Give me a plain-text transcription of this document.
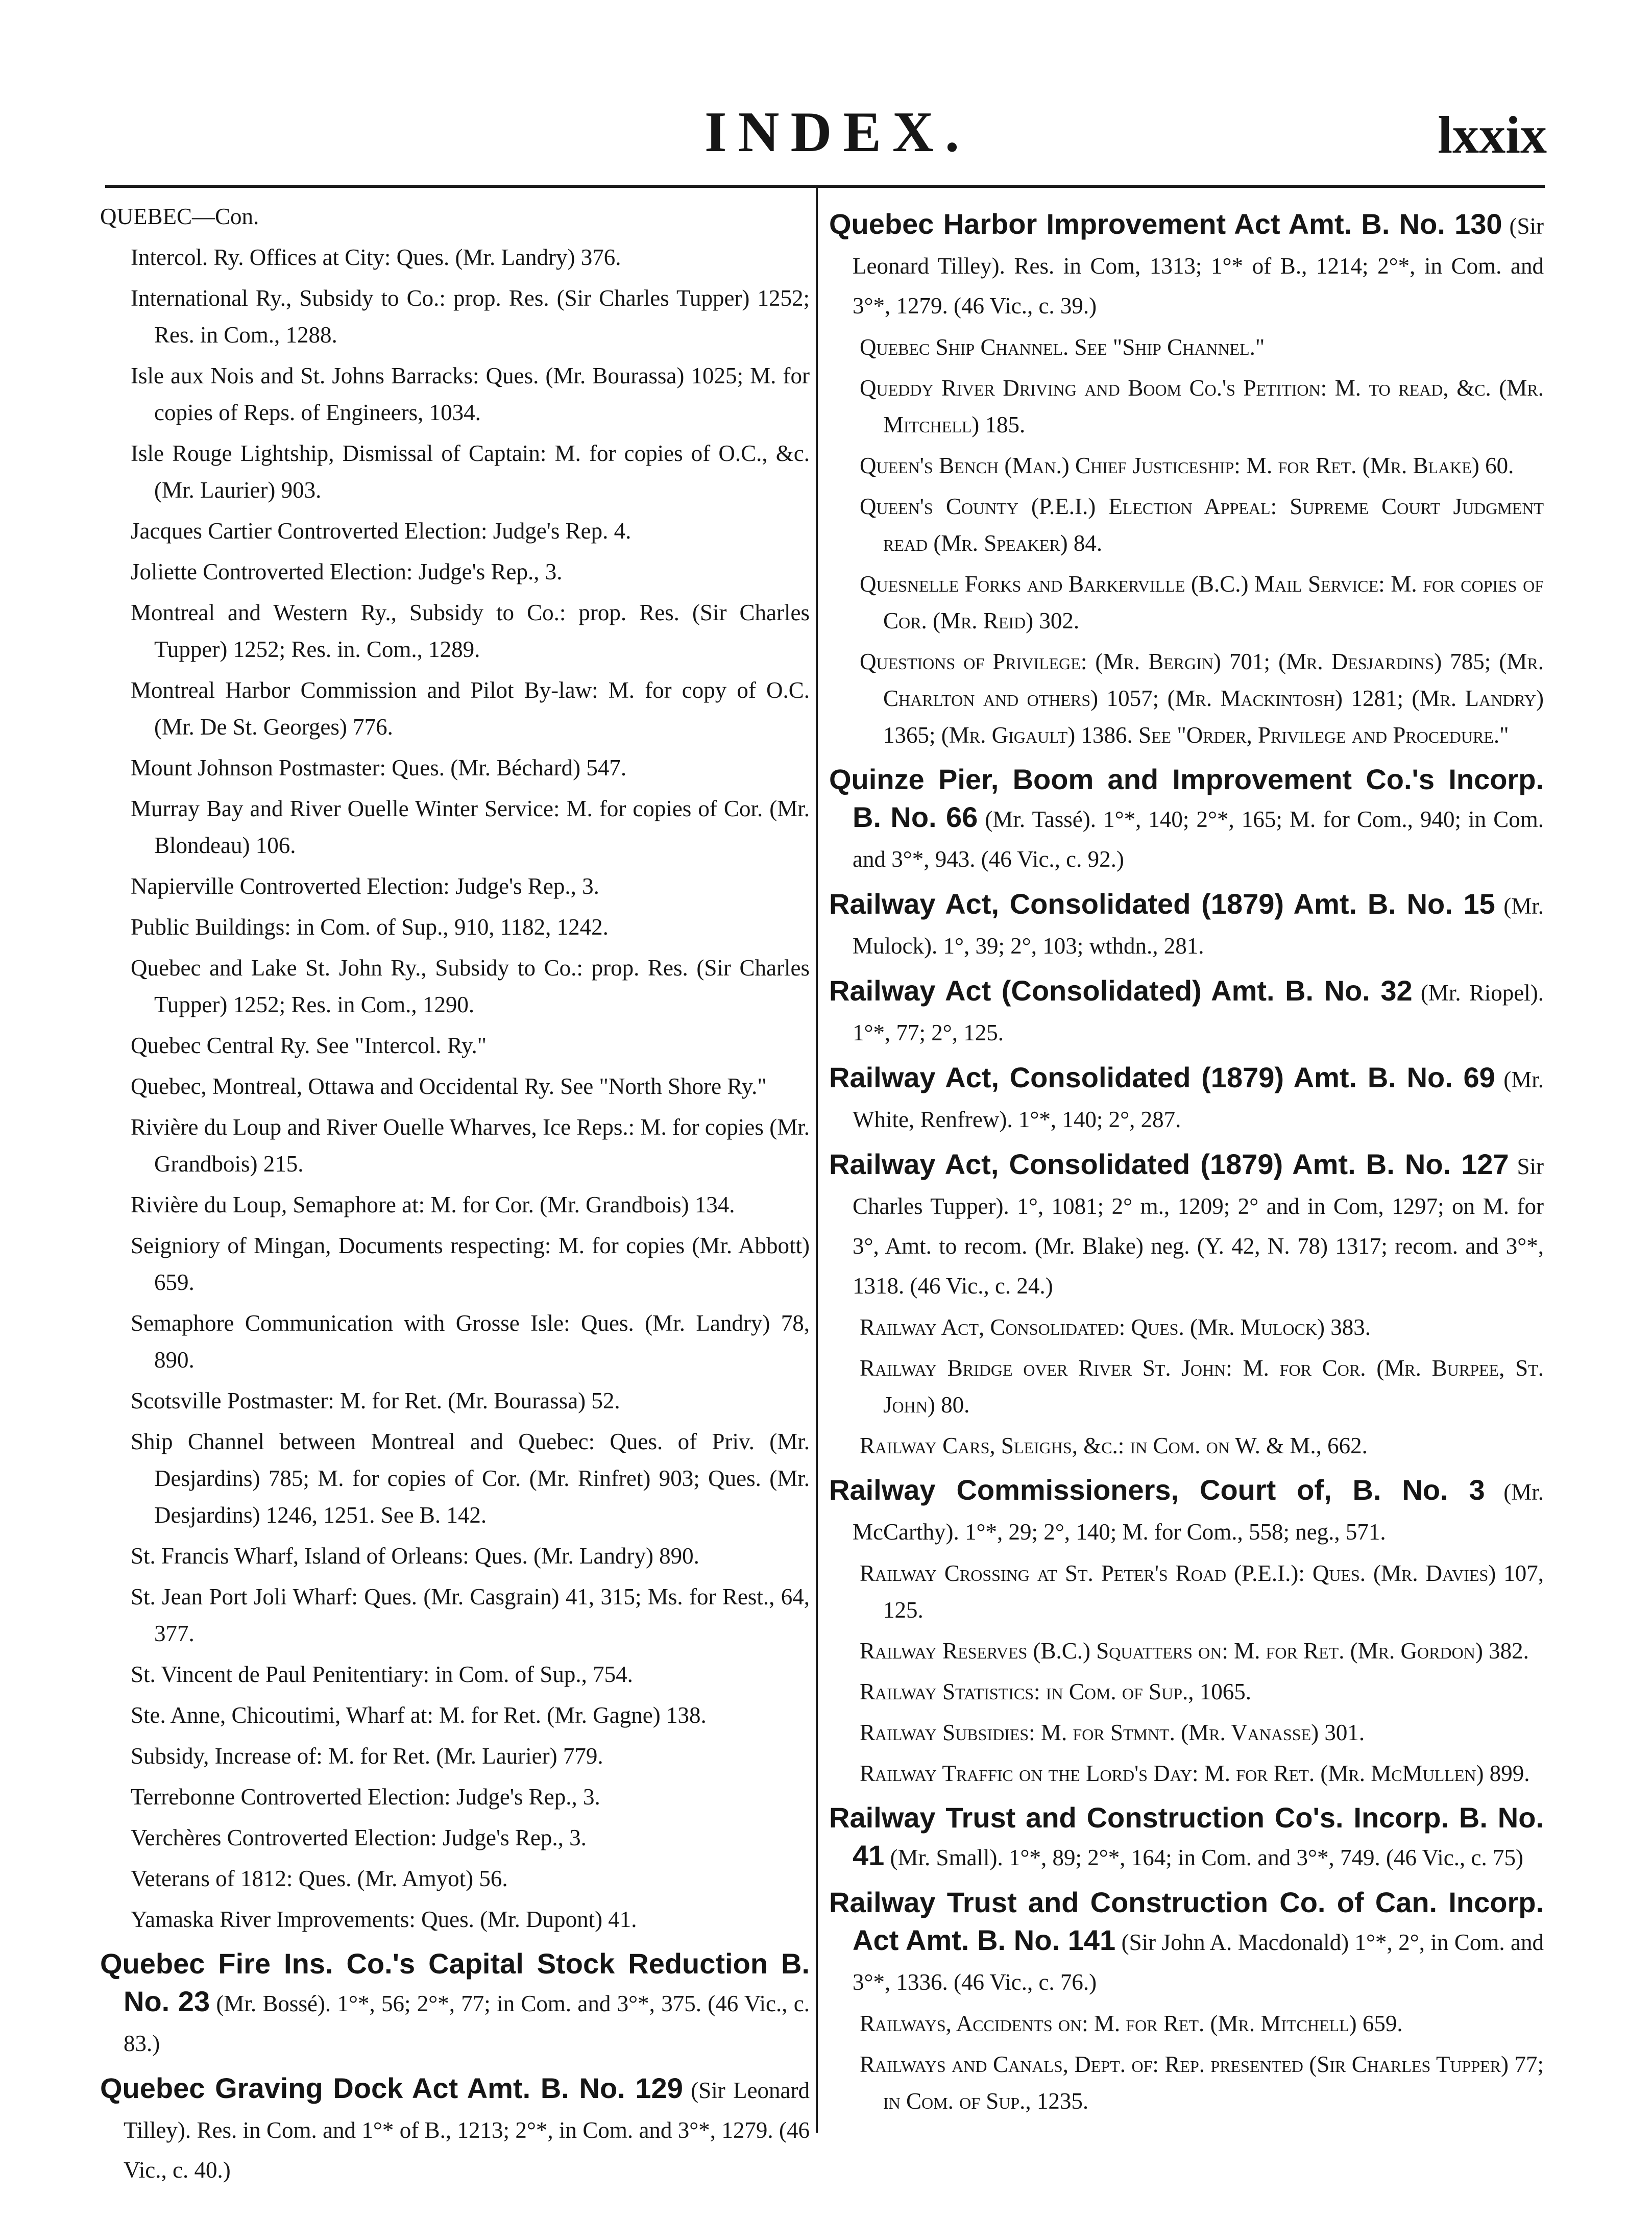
INDEX.	lxxix

QUEBEC—Con.

Intercol. Ry. Offices at City: Ques. (Mr. Landry) 376.

International Ry., Subsidy to Co.: prop. Res. (Sir Charles Tupper) 1252; Res. in Com., 1288.

Isle aux Nois and St. Johns Barracks: Ques. (Mr. Bourassa) 1025; M. for copies of Reps. of Engineers, 1034.

Isle Rouge Lightship, Dismissal of Captain: M. for copies of O.C., &c. (Mr. Laurier) 903.

Jacques Cartier Controverted Election: Judge's Rep. 4.

Joliette Controverted Election: Judge's Rep., 3.

Montreal and Western Ry., Subsidy to Co.: prop. Res. (Sir Charles Tupper) 1252; Res. in. Com., 1289.

Montreal Harbor Commission and Pilot By-law: M. for copy of O.C. (Mr. De St. Georges) 776.

Mount Johnson Postmaster: Ques. (Mr. Béchard) 547.

Murray Bay and River Ouelle Winter Service: M. for copies of Cor. (Mr. Blondeau) 106.

Napierville Controverted Election: Judge's Rep., 3.

Public Buildings: in Com. of Sup., 910, 1182, 1242.

Quebec and Lake St. John Ry., Subsidy to Co.: prop. Res. (Sir Charles Tupper) 1252; Res. in Com., 1290.

Quebec Central Ry. See "Intercol. Ry."

Quebec, Montreal, Ottawa and Occidental Ry. See "North Shore Ry."

Rivière du Loup and River Ouelle Wharves, Ice Reps.: M. for copies (Mr. Grandbois) 215.

Rivière du Loup, Semaphore at: M. for Cor. (Mr. Grandbois) 134.

Seigniory of Mingan, Documents respecting: M. for copies (Mr. Abbott) 659.

Semaphore Communication with Grosse Isle: Ques. (Mr. Landry) 78, 890.

Scotsville Postmaster: M. for Ret. (Mr. Bourassa) 52.

Ship Channel between Montreal and Quebec: Ques. of Priv. (Mr. Desjardins) 785; M. for copies of Cor. (Mr. Rinfret) 903; Ques. (Mr. Desjardins) 1246, 1251. See B. 142.

St. Francis Wharf, Island of Orleans: Ques. (Mr. Landry) 890.

St. Jean Port Joli Wharf: Ques. (Mr. Casgrain) 41, 315; Ms. for Rest., 64, 377.

St. Vincent de Paul Penitentiary: in Com. of Sup., 754.

Ste. Anne, Chicoutimi, Wharf at: M. for Ret. (Mr. Gagne) 138.

Subsidy, Increase of: M. for Ret. (Mr. Laurier) 779.

Terrebonne Controverted Election: Judge's Rep., 3.

Verchères Controverted Election: Judge's Rep., 3.

Veterans of 1812: Ques. (Mr. Amyot) 56.

Yamaska River Improvements: Ques. (Mr. Dupont) 41.

Quebec Fire Ins. Co.'s Capital Stock Reduction B. No. 23 (Mr. Bossé). 1°*, 56; 2°*, 77; in Com. and 3°*, 375. (46 Vic., c. 83.)

Quebec Graving Dock Act Amt. B. No. 129 (Sir Leonard Tilley). Res. in Com. and 1°* of B., 1213; 2°*, in Com. and 3°*, 1279. (46 Vic., c. 40.)

Quebec Harbor Improvement Act Amt. B. No. 130 (Sir Leonard Tilley). Res. in Com, 1313; 1°* of B., 1214; 2°*, in Com. and 3°*, 1279. (46 Vic., c. 39.)

Quebec Ship Channel. See "Ship Channel."

Queddy River Driving and Boom Co.'s Petition: M. to read, &c. (Mr. Mitchell) 185.

Queen's Bench (Man.) Chief Justiceship: M. for Ret. (Mr. Blake) 60.

Queen's County (P.E.I.) Election Appeal: Supreme Court Judgment read (Mr. Speaker) 84.

Quesnelle Forks and Barkerville (B.C.) Mail Service: M. for copies of Cor. (Mr. Reid) 302.

Questions of Privilege: (Mr. Bergin) 701; (Mr. Desjardins) 785; (Mr. Charlton and others) 1057; (Mr. Mackintosh) 1281; (Mr. Landry) 1365; (Mr. Gigault) 1386. See "Order, Privilege and Procedure."

Quinze Pier, Boom and Improvement Co.'s Incorp. B. No. 66 (Mr. Tassé). 1°*, 140; 2°*, 165; M. for Com., 940; in Com. and 3°*, 943. (46 Vic., c. 92.)

Railway Act, Consolidated (1879) Amt. B. No. 15 (Mr. Mulock). 1°, 39; 2°, 103; wthdn., 281.

Railway Act (Consolidated) Amt. B. No. 32 (Mr. Riopel). 1°*, 77; 2°, 125.

Railway Act, Consolidated (1879) Amt. B. No. 69 (Mr. White, Renfrew). 1°*, 140; 2°, 287.

Railway Act, Consolidated (1879) Amt. B. No. 127 Sir Charles Tupper). 1°, 1081; 2° m., 1209; 2° and in Com, 1297; on M. for 3°, Amt. to recom. (Mr. Blake) neg. (Y. 42, N. 78) 1317; recom. and 3°*, 1318. (46 Vic., c. 24.)

Railway Act, Consolidated: Ques. (Mr. Mulock) 383.

Railway Bridge over River St. John: M. for Cor. (Mr. Burpee, St. John) 80.

Railway Cars, Sleighs, &c.: in Com. on W. & M., 662.

Railway Commissioners, Court of, B. No. 3 (Mr. McCarthy). 1°*, 29; 2°, 140; M. for Com., 558; neg., 571.

Railway Crossing at St. Peter's Road (P.E.I.): Ques. (Mr. Davies) 107, 125.

Railway Reserves (B.C.) Squatters on: M. for Ret. (Mr. Gordon) 382.

Railway Statistics: in Com. of Sup., 1065.

Railway Subsidies: M. for Stmnt. (Mr. Vanasse) 301.

Railway Traffic on the Lord's Day: M. for Ret. (Mr. McMullen) 899.

Railway Trust and Construction Co's. Incorp. B. No. 41 (Mr. Small). 1°*, 89; 2°*, 164; in Com. and 3°*, 749. (46 Vic., c. 75)

Railway Trust and Construction Co. of Can. Incorp. Act Amt. B. No. 141 (Sir John A. Macdonald) 1°*, 2°, in Com. and 3°*, 1336. (46 Vic., c. 76.)

Railways, Accidents on: M. for Ret. (Mr. Mitchell) 659.

Railways and Canals, Dept. of: Rep. presented (Sir Charles Tupper) 77; in Com. of Sup., 1235.
